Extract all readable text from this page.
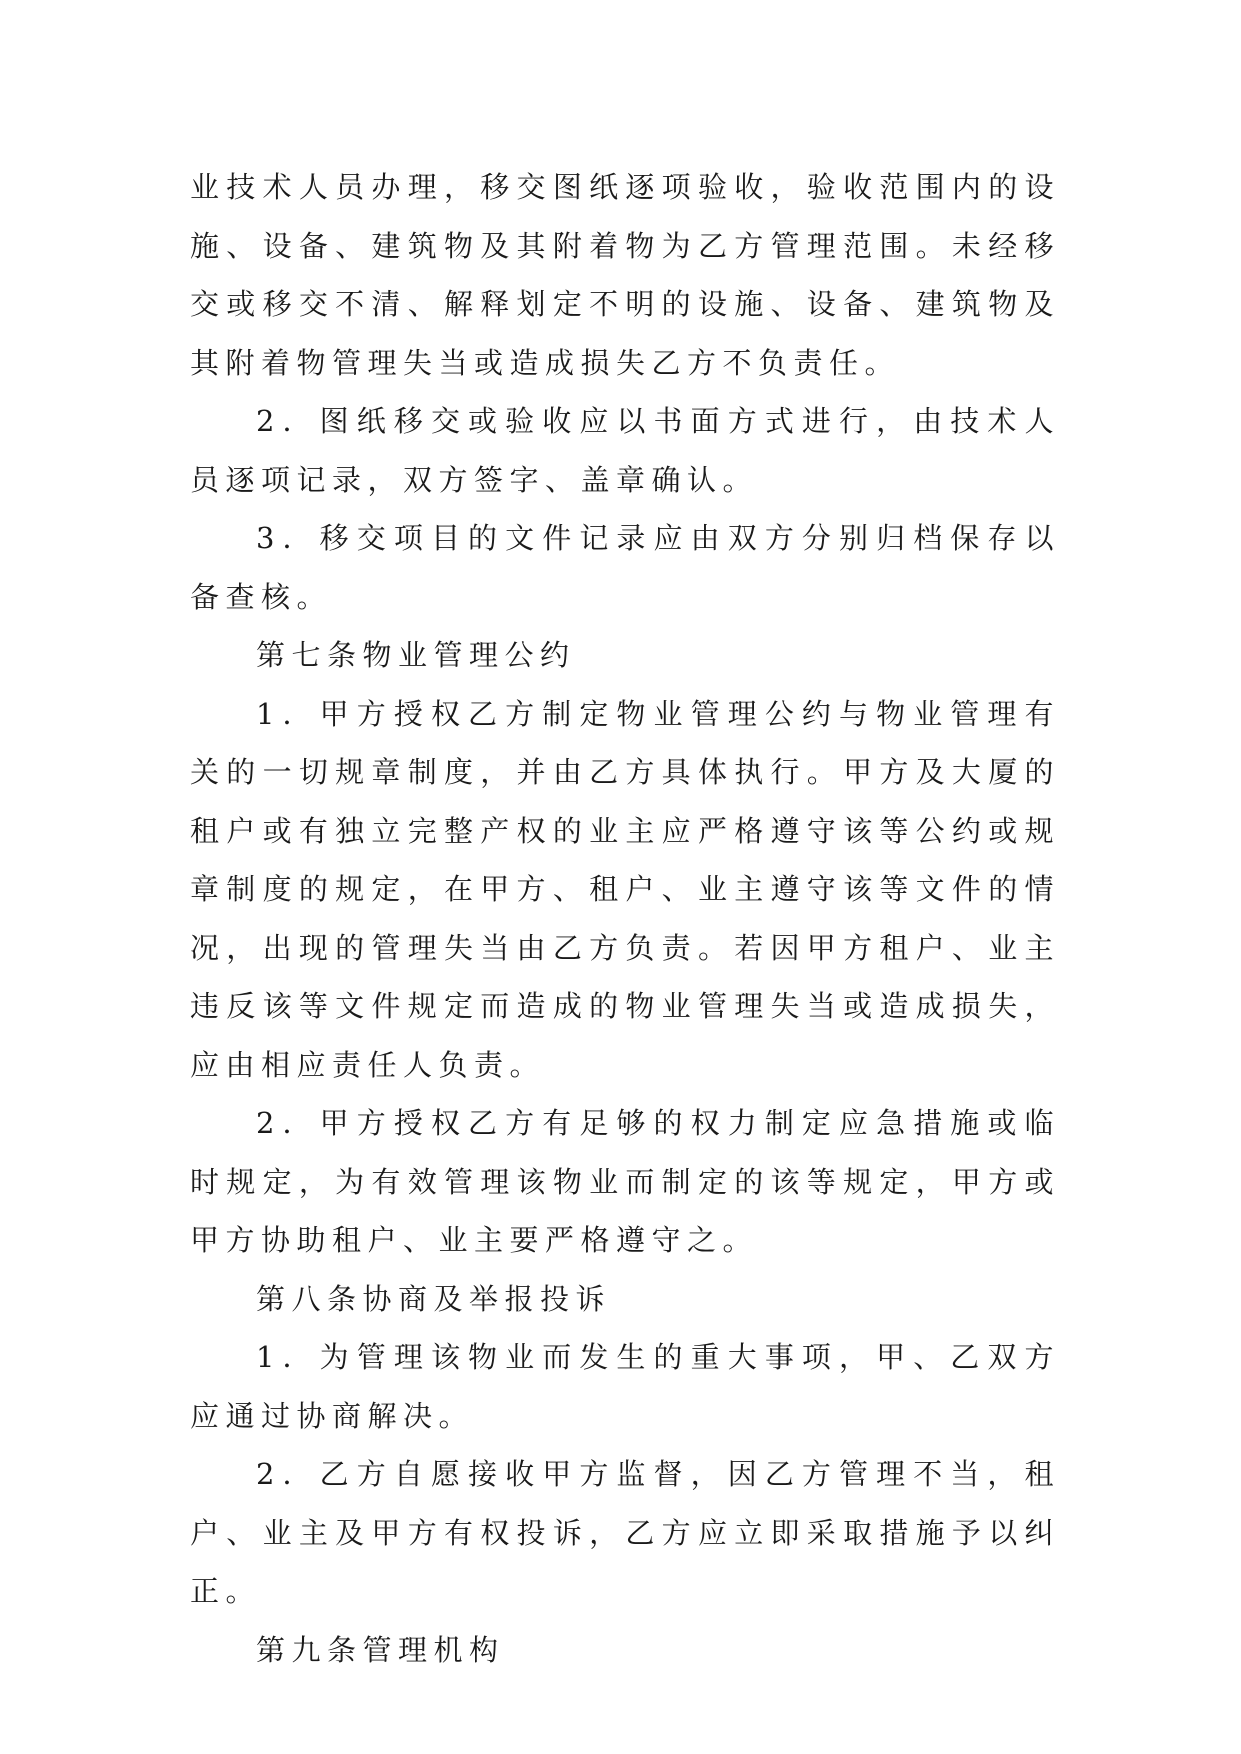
业技术人员办理，移交图纸逐项验收，验收范围内的设施、设备、建筑物及其附着物为乙方管理范围。未经移交或移交不清、解释划定不明的设施、设备、建筑物及其附着物管理失当或造成损失乙方不负责任。

2．图纸移交或验收应以书面方式进行，由技术人员逐项记录，双方签字、盖章确认。

3．移交项目的文件记录应由双方分别归档保存以备查核。

第七条物业管理公约

1．甲方授权乙方制定物业管理公约与物业管理有关的一切规章制度，并由乙方具体执行。甲方及大厦的租户或有独立完整产权的业主应严格遵守该等公约或规章制度的规定，在甲方、租户、业主遵守该等文件的情况，出现的管理失当由乙方负责。若因甲方租户、业主违反该等文件规定而造成的物业管理失当或造成损失，应由相应责任人负责。

2．甲方授权乙方有足够的权力制定应急措施或临时规定，为有效管理该物业而制定的该等规定，甲方或甲方协助租户、业主要严格遵守之。

第八条协商及举报投诉

1．为管理该物业而发生的重大事项，甲、乙双方应通过协商解决。

2．乙方自愿接收甲方监督，因乙方管理不当，租户、业主及甲方有权投诉，乙方应立即采取措施予以纠正。

第九条管理机构
